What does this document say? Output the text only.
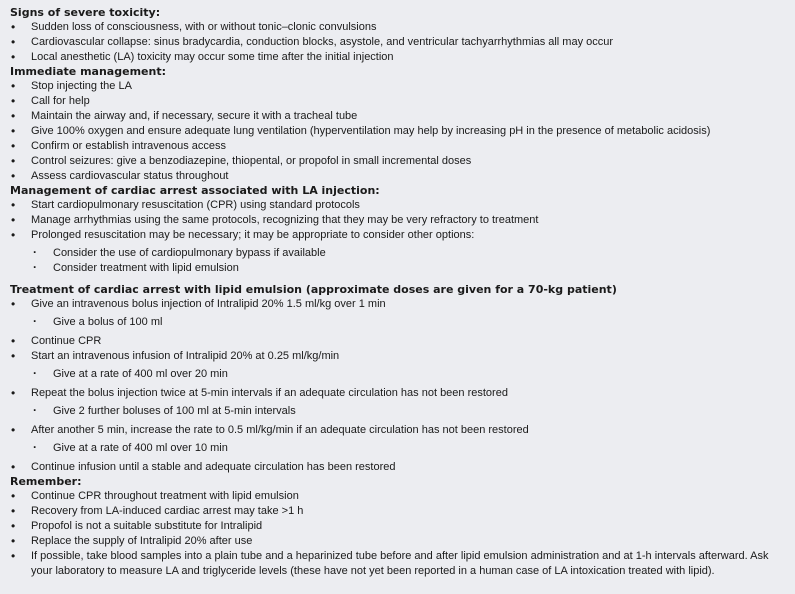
Signs of severe toxicity:
• Sudden loss of consciousness, with or without tonic–clonic convulsions
• Cardiovascular collapse: sinus bradycardia, conduction blocks, asystole, and ventricular tachyarrhythmias all may occur
• Local anesthetic (LA) toxicity may occur some time after the initial injection
Immediate management:
• Stop injecting the LA
• Call for help
• Maintain the airway and, if necessary, secure it with a tracheal tube
• Give 100% oxygen and ensure adequate lung ventilation (hyperventilation may help by increasing pH in the presence of metabolic acidosis)
• Confirm or establish intravenous access
• Control seizures: give a benzodiazepine, thiopental, or propofol in small incremental doses
• Assess cardiovascular status throughout
Management of cardiac arrest associated with LA injection:
• Start cardiopulmonary resuscitation (CPR) using standard protocols
• Manage arrhythmias using the same protocols, recognizing that they may be very refractory to treatment
• Prolonged resuscitation may be necessary; it may be appropriate to consider other options:
· Consider the use of cardiopulmonary bypass if available
· Consider treatment with lipid emulsion
Treatment of cardiac arrest with lipid emulsion (approximate doses are given for a 70-kg patient)
• Give an intravenous bolus injection of Intralipid 20% 1.5 ml/kg over 1 min
· Give a bolus of 100 ml
• Continue CPR
• Start an intravenous infusion of Intralipid 20% at 0.25 ml/kg/min
· Give at a rate of 400 ml over 20 min
• Repeat the bolus injection twice at 5-min intervals if an adequate circulation has not been restored
· Give 2 further boluses of 100 ml at 5-min intervals
• After another 5 min, increase the rate to 0.5 ml/kg/min if an adequate circulation has not been restored
· Give at a rate of 400 ml over 10 min
• Continue infusion until a stable and adequate circulation has been restored
Remember:
• Continue CPR throughout treatment with lipid emulsion
• Recovery from LA-induced cardiac arrest may take >1 h
• Propofol is not a suitable substitute for Intralipid
• Replace the supply of Intralipid 20% after use
• If possible, take blood samples into a plain tube and a heparinized tube before and after lipid emulsion administration and at 1-h intervals afterward. Ask your laboratory to measure LA and triglyceride levels (these have not yet been reported in a human case of LA intoxication treated with lipid).
